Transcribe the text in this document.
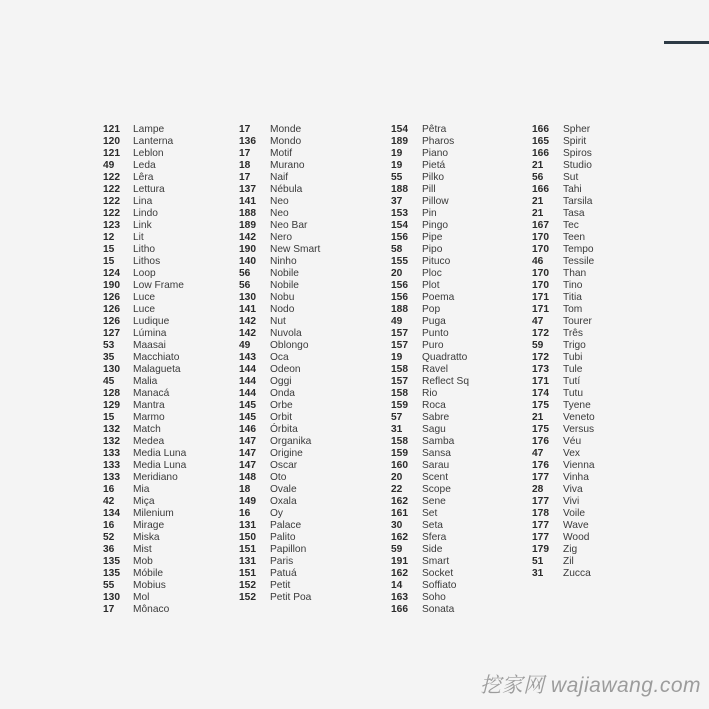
121 Lampe
120 Lanterna
121 Leblon
49 Leda
122 Lêra
122 Lettura
122 Lina
122 Lindo
123 Link
12 Lit
15 Litho
15 Lithos
124 Loop
190 Low Frame
126 Luce
126 Luce
126 Ludique
127 Lúmina
53 Maasai
35 Macchiato
130 Malagueta
45 Malia
128 Manacá
129 Mantra
15 Marmo
132 Match
132 Medea
133 Media Luna
133 Media Luna
133 Meridiano
16 Mia
42 Miça
134 Milenium
16 Mirage
52 Miska
36 Mist
135 Mob
135 Móbile
55 Mobius
130 Mol
17 Mônaco
17 Monde
136 Mondo
17 Motif
18 Murano
17 Naif
137 Nébula
141 Neo
188 Neo
189 Neo Bar
142 Nero
190 New Smart
140 Ninho
56 Nobile
56 Nobile
130 Nobu
141 Nodo
142 Nut
142 Nuvola
49 Oblongo
143 Oca
144 Odeon
144 Oggi
144 Onda
145 Orbe
145 Orbit
146 Órbita
147 Organika
147 Origine
147 Oscar
148 Oto
18 Ovale
149 Oxala
16 Oy
131 Palace
150 Palito
151 Papillon
131 Paris
151 Patuá
152 Petit
152 Petit Poa
154 Pêtra
189 Pharos
19 Piano
19 Pietá
55 Pilko
188 Pill
37 Pillow
153 Pin
154 Pingo
156 Pipe
58 Pipo
155 Pituco
20 Ploc
156 Plot
156 Poema
188 Pop
49 Puga
157 Punto
157 Puro
19 Quadratto
158 Ravel
157 Reflect Sq
158 Rio
159 Roca
57 Sabre
31 Sagu
158 Samba
159 Sansa
160 Sarau
20 Scent
22 Scope
162 Sene
161 Set
30 Seta
162 Sfera
59 Side
191 Smart
162 Socket
14 Soffiato
163 Soho
166 Sonata
166 Spher
165 Spirit
166 Spiros
21 Studio
56 Sut
166 Tahi
21 Tarsila
21 Tasa
167 Tec
170 Teen
170 Tempo
46 Tessile
170 Than
170 Tino
171 Titia
171 Tom
47 Tourer
172 Três
59 Trigo
172 Tubi
173 Tule
171 Tutí
174 Tutu
175 Tyene
21 Veneto
175 Versus
176 Véu
47 Vex
176 Vienna
177 Vinha
28 Viva
177 Vivi
178 Voile
177 Wave
177 Wood
179 Zig
51 Zil
31 Zucca
挖家网 wajiawang.com
